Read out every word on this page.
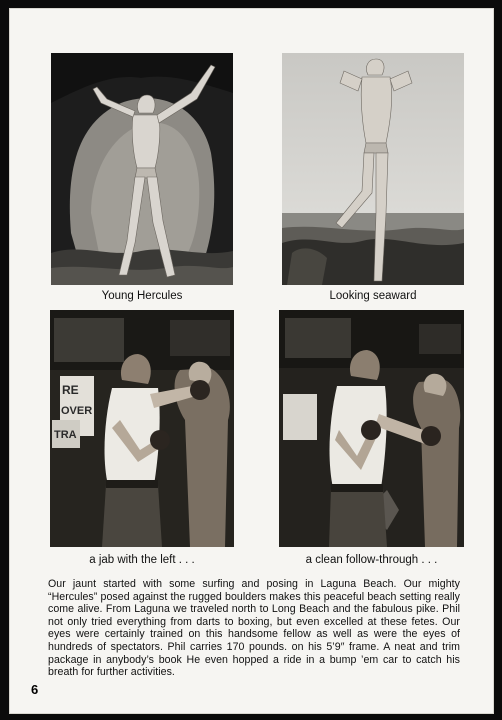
Young Hercules	Looking seaward
RE
OVER
TRA
a jab with the left . . .	a clean follow-through . . .
Our jaunt started with some surfing and posing in Laguna Beach. Our mighty “Hercules” posed against the rugged boulders makes this peaceful beach setting really come alive. From Laguna we traveled north to Long Beach and the fabulous pike. Phil not only tried everything from darts to boxing, but even excelled at these fetes. Our eyes were certainly trained on this handsome fellow as well as were the eyes of hundreds of spectators. Phil carries 170 pounds. on his 5’9″ frame. A neat and trim package in anybody’s book He even hopped a ride in a bump ’em car to catch his breath for further activities.
6
